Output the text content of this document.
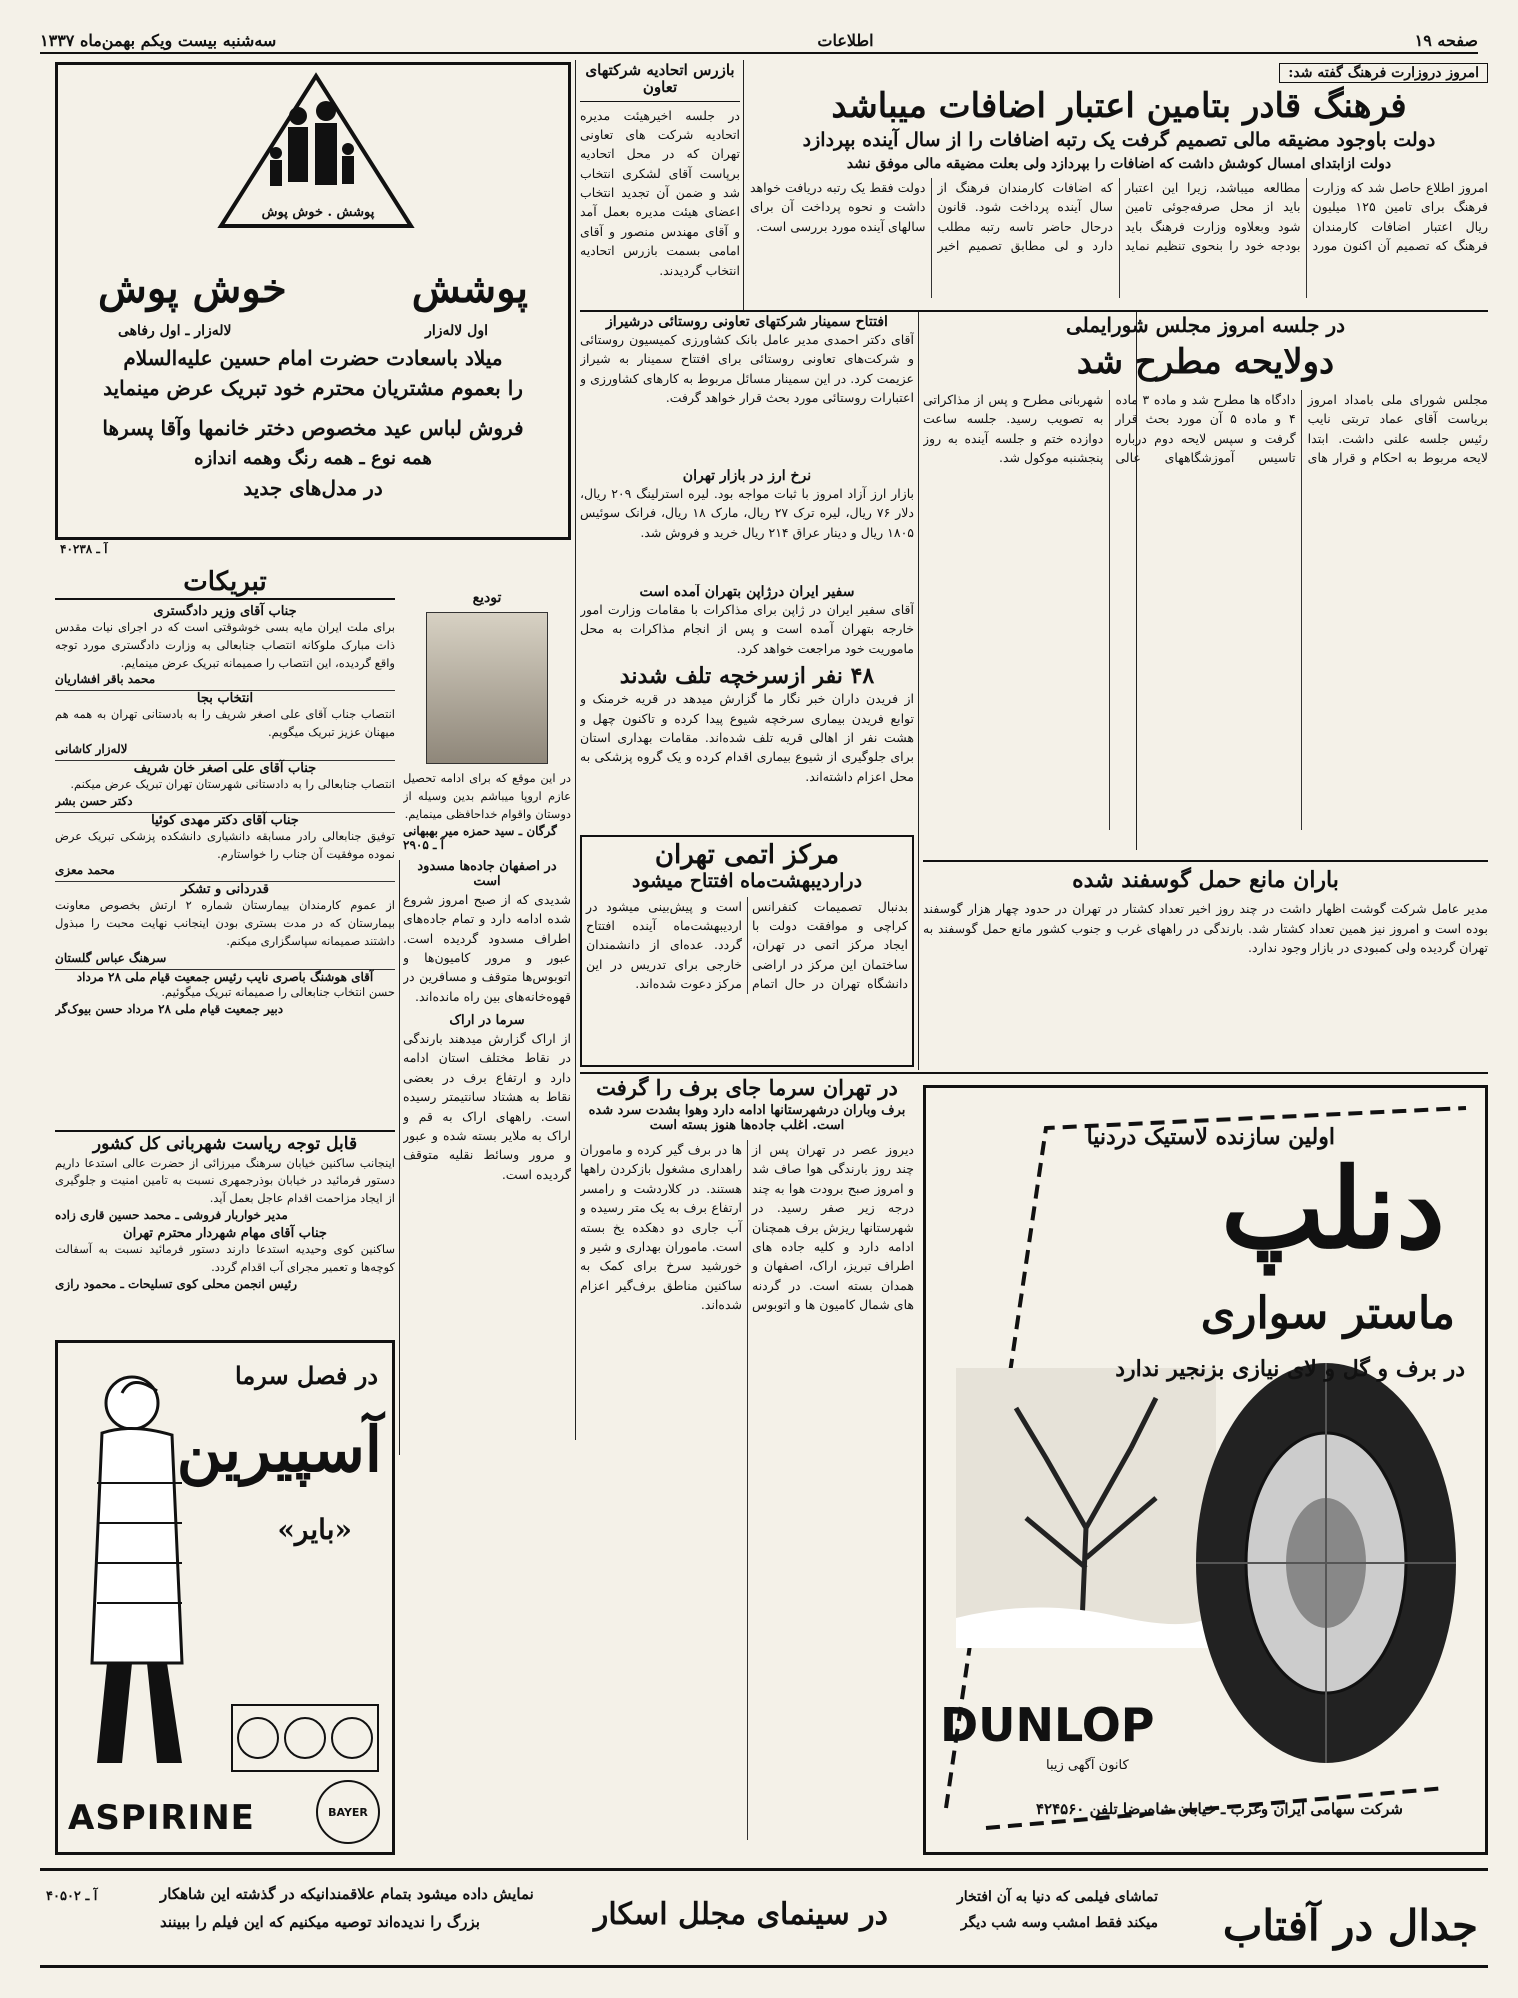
صفحه ۱۹
اطلاعات
سه‌شنبه بیست ویکم بهمن‌ماه ۱۳۳۷
امروز دروزارت فرهنگ گفته شد:
فرهنگ قادر بتامین اعتبار اضافات میباشد
دولت باوجود مضیقه مالی تصمیم گرفت یک رتبه اضافات را از سال آینده بپردازد
دولت ازابتدای امسال کوشش داشت که اضافات را بپردازد ولی بعلت مضیقه مالی موفق نشد
امروز اطلاع حاصل شد که وزارت فرهنگ برای تامین ۱۲۵ میلیون ریال اعتبار اضافات کارمندان فرهنگ که تصمیم آن اکنون مورد مطالعه میباشد، زیرا این اعتبار باید از محل صرفه‌جوئی تامین شود وبعلاوه وزارت فرهنگ باید بودجه خود را بنحوی تنظیم نماید که اضافات کارمندان فرهنگ از سال آینده پرداخت شود. قانون درحال حاضر تاسه رتبه مطلب دارد و لی مطابق تصمیم اخیر دولت فقط یک رتبه دریافت خواهد داشت و نحوه پرداخت آن برای سالهای آینده مورد بررسی است.
بازرس اتحادیه شرکتهای تعاون
در جلسه اخیرهیئت مدیره اتحادیه شرکت های تعاونی تهران که در محل اتحادیه برپاست آقای لشکری انتخاب شد و ضمن آن تجدید انتخاب اعضای هیئت مدیره بعمل آمد و آقای مهندس منصور و آقای امامی بسمت بازرس اتحادیه انتخاب گردیدند.
در جلسه امروز مجلس شورایملی
دولایحه مطرح شد
مجلس شورای ملی بامداد امروز بریاست آقای عماد تربتی نایب رئیس جلسه علنی داشت. ابتدا لایحه مربوط به احکام و قرار های دادگاه ها مطرح شد و ماده ۳ ماده ۴ و ماده ۵ آن مورد بحث قرار گرفت و سپس لایحه دوم درباره تاسیس آموزشگاههای عالی شهربانی مطرح و پس از مذاکراتی به تصویب رسید. جلسه ساعت دوازده ختم و جلسه آینده به روز پنجشنبه موکول شد.
افتتاح سمینار شرکتهای تعاونی روستائی درشیراز
آقای دکتر احمدی مدیر عامل بانک کشاورزی کمیسیون روستائی و شرکت‌های تعاونی روستائی برای افتتاح سمینار به شیراز عزیمت کرد. در این سمینار مسائل مربوط به کارهای کشاورزی و اعتبارات روستائی مورد بحث قرار خواهد گرفت.
نرخ ارز در بازار تهران
بازار ارز آزاد امروز با ثبات مواجه بود. لیره استرلینگ ۲۰۹ ریال، دلار ۷۶ ریال، لیره ترک ۲۷ ریال، مارک ۱۸ ریال، فرانک سوئیس ۱۸۰۵ ریال و دینار عراق ۲۱۴ ریال خرید و فروش شد.
سفیر ایران درژاپن بتهران آمده است
آقای سفیر ایران در ژاپن برای مذاکرات با مقامات وزارت امور خارجه بتهران آمده است و پس از انجام مذاکرات به محل ماموریت خود مراجعت خواهد کرد.
۴۸ نفر ازسرخچه تلف شدند
از فریدن داران خبر نگار ما گزارش میدهد در قریه خرمنک و توابع فریدن بیماری سرخچه شیوع پیدا کرده و تاکنون چهل و هشت نفر از اهالی قریه تلف شده‌اند. مقامات بهداری استان برای جلوگیری از شیوع بیماری اقدام کرده و یک گروه پزشکی به محل اعزام داشته‌اند.
مرکز اتمی تهران
دراردیبهشت‌ماه افتتاح میشود
بدنبال تصمیمات کنفرانس کراچی و موافقت دولت با ایجاد مرکز اتمی در تهران، ساختمان این مرکز در اراضی دانشگاه تهران در حال اتمام است و پیش‌بینی میشود در اردیبهشت‌ماه آینده افتتاح گردد. عده‌ای از دانشمندان خارجی برای تدریس در این مرکز دعوت شده‌اند.
باران مانع حمل گوسفند شده
مدیر عامل شرکت گوشت اظهار داشت در چند روز اخیر تعداد کشتار در تهران در حدود چهار هزار گوسفند بوده است و امروز نیز همین تعداد کشتار شد. بارندگی در راههای غرب و جنوب کشور مانع حمل گوسفند به تهران گردیده ولی کمبودی در بازار وجود ندارد.
در تهران سرما جای برف را گرفت
برف وباران درشهرستانها ادامه دارد وهوا بشدت سرد شده است. اغلب جاده‌ها هنوز بسته است
دیروز عصر در تهران پس از چند روز بارندگی هوا صاف شد و امروز صبح برودت هوا به چند درجه زیر صفر رسید. در شهرستانها ریزش برف همچنان ادامه دارد و کلیه جاده های اطراف تبریز، اراک، اصفهان و همدان بسته است. در گردنه های شمال کامیون ها و اتوبوس ها در برف گیر کرده و ماموران راهداری مشغول بازکردن راهها هستند. در کلاردشت و رامسر ارتفاع برف به یک متر رسیده و آب جاری دو دهکده یخ بسته است. ماموران بهداری و شیر و خورشید سرخ برای کمک به ساکنین مناطق برف‌گیر اعزام شده‌اند.
تودیع
در این موقع که برای ادامه تحصیل عازم اروپا میباشم بدین وسیله از دوستان واقوام خداحافظی مینمایم.
گرگان ـ سید حمزه میر بهبهانی
آ ـ ۲۹۰۵
در اصفهان جاده‌ها مسدود است
شدیدی که از صبح امروز شروع شده ادامه دارد و تمام جاده‌های اطراف مسدود گردیده است. عبور و مرور کامیون‌ها و اتوبوس‌ها متوقف و مسافرین در قهوه‌خانه‌های بین راه مانده‌اند.
سرما در اراک
از اراک گزارش میدهند بارندگی در نقاط مختلف استان ادامه دارد و ارتفاع برف در بعضی نقاط به هشتاد سانتیمتر رسیده است. راههای اراک به قم و اراک به ملایر بسته شده و عبور و مرور وسائط نقلیه متوقف گردیده است.
پوشش . خوش پوش
پوشش
خوش پوش
اول لاله‌زار
لاله‌زار ـ اول رفاهی
میلاد باسعادت حضرت امام حسین علیه‌السلام
را بعموم مشتریان محترم خود تبریک عرض مینماید
فروش لباس عید مخصوص دختر خانمها وآقا پسرها
همه نوع ـ همه رنگ وهمه اندازه
در مدل‌های جدید
آ ـ ۴۰۲۳۸
تبریکات
جناب آقای وزیر دادگستری
برای ملت ایران مایه بسی خوشوقتی است که در اجرای نیات مقدس ذات مبارک ملوکانه انتصاب جنابعالی به وزارت دادگستری مورد توجه واقع گردیده، این انتصاب را صمیمانه تبریک عرض مینمایم.
محمد باقر افشاریان
انتخاب بجا
انتصاب جناب آقای علی اصغر شریف را به بادستانی تهران به همه هم میهنان عزیز تبریک میگویم.
لاله‌زار کاشانی
جناب آقای علی اصغر خان شریف
انتصاب جنابعالی را به دادستانی شهرستان تهران تبریک عرض میکنم.
دکتر حسن بشر
جناب آقای دکتر مهدی کوئیا
توفیق جنابعالی رادر مسابقه دانشیاری دانشکده پزشکی تبریک عرض نموده موفقیت آن جناب را خواستارم.
محمد معزی
قدردانی و تشکر
از عموم کارمندان بیمارستان شماره ۲ ارتش بخصوص معاونت بیمارستان که در مدت بستری بودن اینجانب نهایت محبت را مبذول داشتند صمیمانه سپاسگزاری میکنم.
سرهنگ عباس گلستان
آقای هوشنگ باصری نایب رئیس جمعیت قیام ملی ۲۸ مرداد
حسن انتخاب جنابعالی را صمیمانه تبریک میگوئیم.
دبیر جمعیت قیام ملی ۲۸ مرداد حسن بیوک‌گر
قابل توجه ریاست شهربانی کل کشور
اینجانب ساکنین خیابان سرهنگ میرزائی از حضرت عالی استدعا داریم دستور فرمائید در خیابان بوذرجمهری نسبت به تامین امنیت و جلوگیری از ایجاد مزاحمت اقدام عاجل بعمل آید.
مدیر خواربار فروشی ـ محمد حسین قاری زاده
جناب آقای مهام شهردار محترم تهران
ساکنین کوی وحیدیه استدعا دارند دستور فرمائید نسبت به آسفالت کوچه‌ها و تعمیر مجرای آب اقدام گردد.
رئیس انجمن محلی کوی تسلیحات ـ محمود رازی
در فصل سرما
آسپیرین
«بایر»
ASPIRINE	BAYER
اولین سازنده لاستیک دردنیا
دنلپ
ماستر سواری
در برف و گل و لای نیازی بزنجیر ندارد
DUNLOP
کانون آگهی زیبا
شرکت سهامی ایران وغرب ـ خیابان شاه‌رضا تلفن ۴۲۴۵۶۰
جدال در آفتاب
تماشای فیلمی که دنیا به آن افتخار
میکند فقط امشب وسه شب دیگر
در سینمای مجلل اسکار
نمایش داده میشود بتمام علاقمندانیکه در گذشته این شاهکار
بزرگ را ندیده‌اند توصیه میکنیم که این فیلم را ببینند
آ ـ ۴۰۵۰۲
